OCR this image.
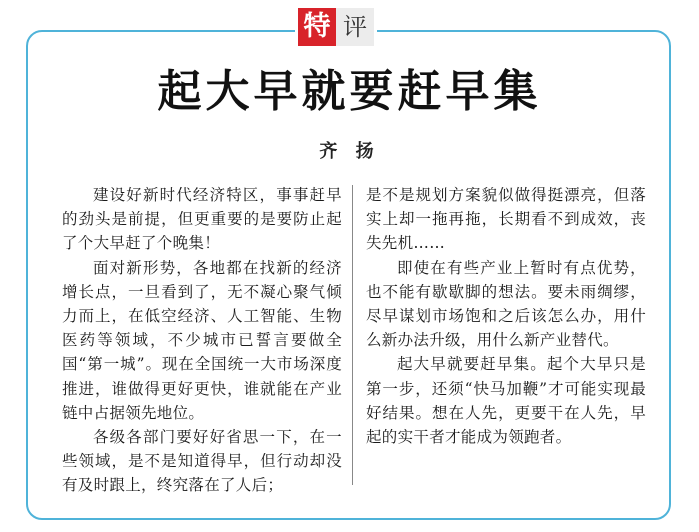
特 评
起大早就要赶早集
齐 扬

建设好新时代经济特区，事事赶早的劲头是前提，但更重要的是要防止起了个大早赶了个晚集！

面对新形势，各地都在找新的经济增长点，一旦看到了，无不凝心聚气倾力而上，在低空经济、人工智能、生物医药等领域，不少城市已誓言要做全国“第一城”。现在全国统一大市场深度推进，谁做得更好更快，谁就能在产业链中占据领先地位。

各级各部门要好好省思一下，在一些领域，是不是知道得早，但行动却没有及时跟上，终究落在了人后；

是不是规划方案貌似做得挺漂亮，但落实上却一拖再拖，长期看不到成效，丧失先机……

即使在有些产业上暂时有点优势，也不能有歇歇脚的想法。要未雨绸缪，尽早谋划市场饱和之后该怎么办，用什么新办法升级，用什么新产业替代。

起大早就要赶早集。起个大早只是第一步，还须“快马加鞭”才可能实现最好结果。想在人先，更要干在人先，早起的实干者才能成为领跑者。
